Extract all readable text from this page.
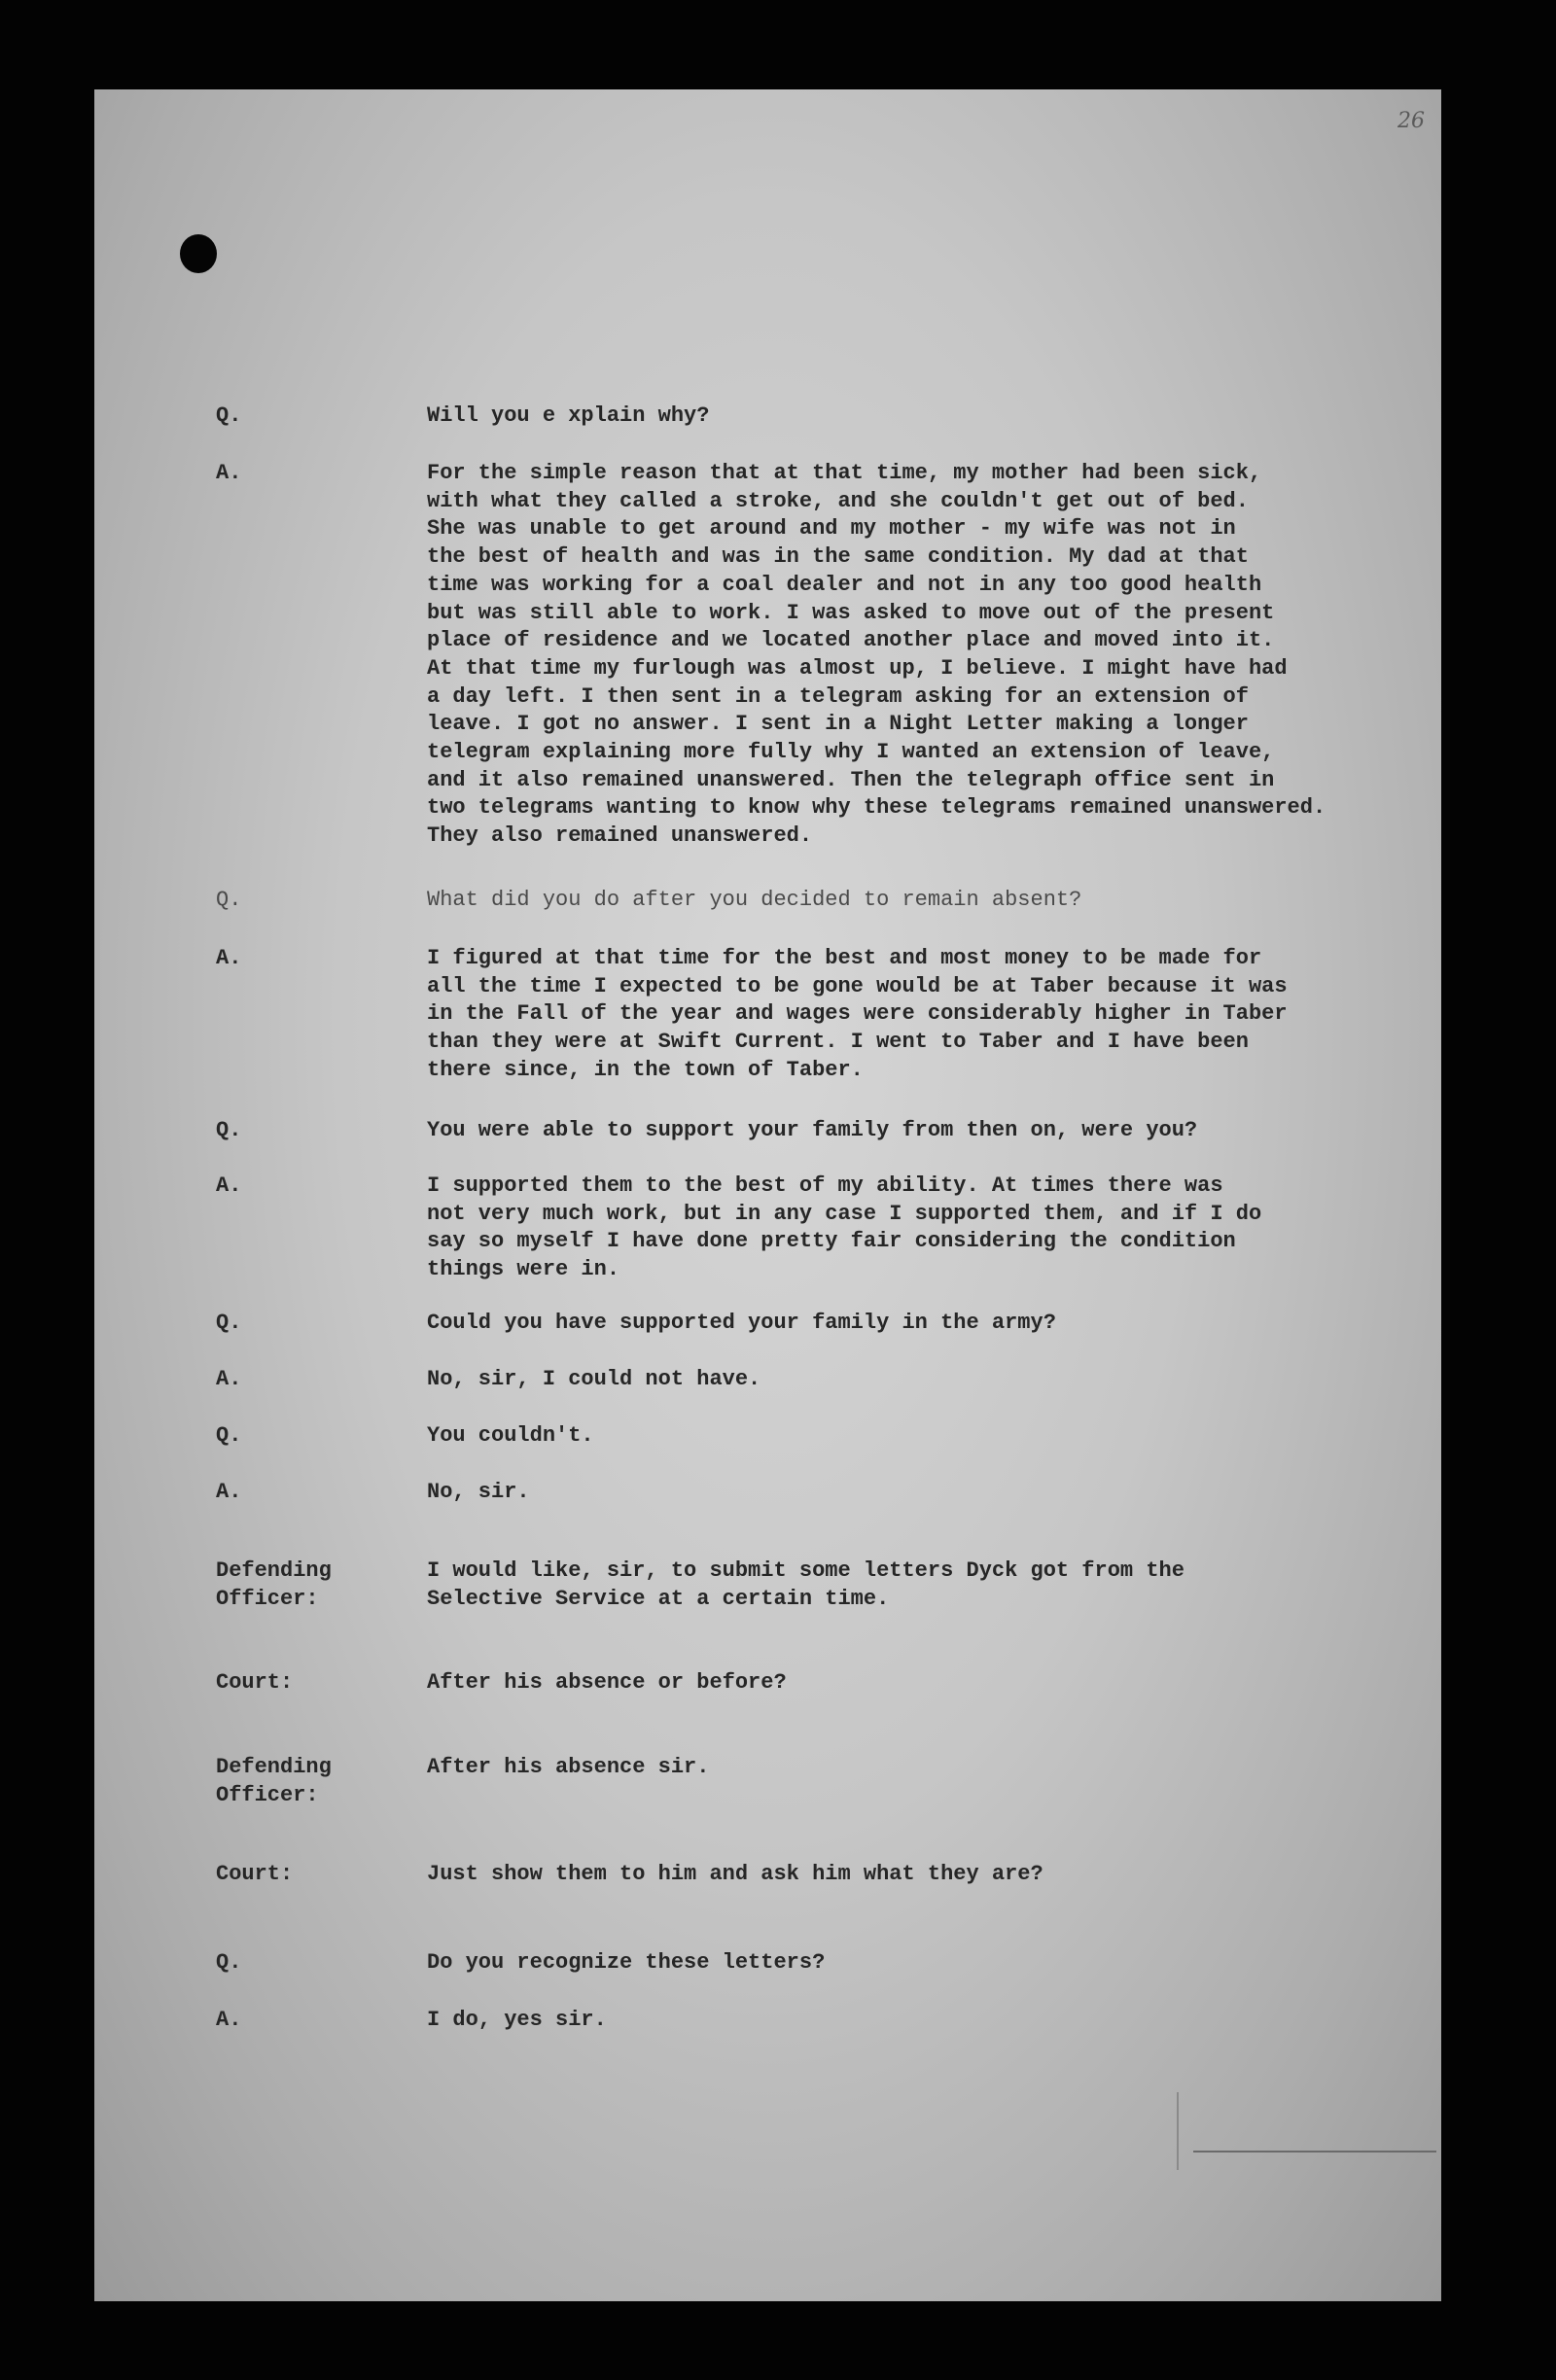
26
Q.	Will you e xplain why?
A.	For the simple reason that at that time, my mother had been sick,
with what they called a stroke, and she couldn't get out of bed.
She was unable to get around and my mother - my wife was not in
the best of health and was in the same condition. My dad at that
time was working for a coal dealer and not in any too good health
but was still able to work. I was asked to move out of the present
place of residence and we located another place and moved into it.
At that time my furlough was almost up, I believe. I might have had
a day left. I then sent in a telegram asking for an extension of
leave. I got no answer. I sent in a Night Letter making a longer
telegram explaining more fully why I wanted an extension of leave,
and it also remained unanswered. Then the telegraph office sent in
two telegrams wanting to know why these telegrams remained unanswered.
They also remained unanswered.
Q.	What did you do after you decided to remain absent?
A.	I figured at that time for the best and most money to be made for
all the time I expected to be gone would be at Taber because it was
in the Fall of the year and wages were considerably higher in Taber
than they were at Swift Current. I went to Taber and I have been
there since, in the town of Taber.
Q.	You were able to support your family from then on, were you?
A.	I supported them to the best of my ability. At times there was
not very much work, but in any case I supported them, and if I do
say so myself I have done pretty fair considering the condition
things were in.
Q.	Could you have supported your family in the army?
A.	No, sir, I could not have.
Q.	You couldn't.
A.	No, sir.
Defending
Officer:
I would like, sir, to submit some letters Dyck got from the
Selective Service at a certain time.
Court:	After his absence or before?
Defending
Officer:
After his absence sir.
Court:	Just show them to him and ask him what they are?
Q.	Do you recognize these letters?
A.	I do, yes sir.
